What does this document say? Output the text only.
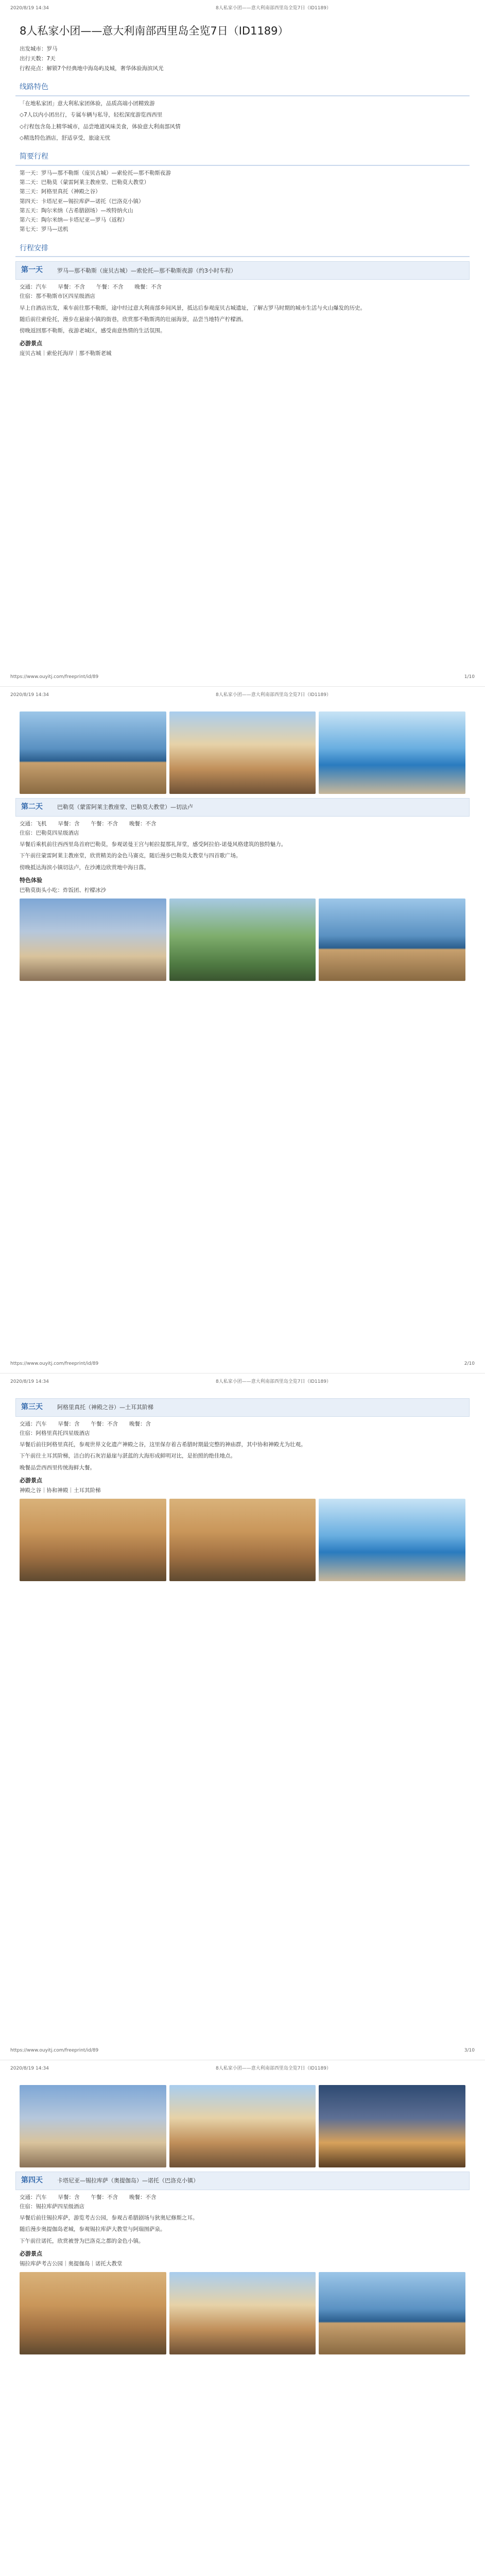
2020/8/19 14:34	8人私家小团——意大利南部西里岛全览7日（ID1189）
8人私家小团——意大利南部西里岛全览7日（ID1189）

出发城市：罗马

出行天数：7天

行程亮点：解锁7个经典地中海岛屿及城，奢华体验海滨风光

线路特色

「在地私家团」意大利私家团体验，品质高端小团精致游

◇7人以内小团出行，专属车辆与私导，轻松深度游览西西里

◇行程包含岛上精华城市，品尝地道风味美食，体验意大利南部风情

◇精选特色酒店，舒适享受，旅途无忧

简要行程

第一天：罗马—那不勒斯（庞贝古城）—索伦托—那不勒斯夜游

第二天：巴勒莫（蒙雷阿莱主教座堂、巴勒莫大教堂）

第三天：阿格里真托（神殿之谷）

第四天：卡塔尼亚—锡拉库萨—诺托（巴洛克小镇）

第五天：陶尔米纳（古希腊剧场）—埃特纳火山

第六天：陶尔米纳—卡塔尼亚—罗马（返程）

第七天：罗马—送机

行程安排
第一天	罗马—那不勒斯（庞贝古城）—索伦托—那不勒斯夜游（约3小时车程）
交通：汽车 早餐：不含 午餐：不含 晚餐：不含
住宿：那不勒斯市区四星级酒店

早上自酒店出发，乘车前往那不勒斯，途中经过意大利南部乡间风景，抵达后参观庞贝古城遗址，了解古罗马时期的城市生活与火山爆发的历史。

随后前往索伦托，漫步在悬崖小镇的街巷，欣赏那不勒斯湾的壮丽海景，品尝当地特产柠檬酒。

傍晚返回那不勒斯，夜游老城区，感受南意热情的生活氛围。

必游景点

庞贝古城｜索伦托海岸｜那不勒斯老城

https://www.ouyitj.com/freeprint/id/89	1/10
2020/8/19 14:34	8人私家小团——意大利南部西里岛全览7日（ID1189）
第二天	巴勒莫（蒙雷阿莱主教座堂、巴勒莫大教堂）—切法卢
交通：飞机 早餐：含 午餐：不含 晚餐：不含
住宿：巴勒莫四星级酒店

早餐后乘机前往西西里岛首府巴勒莫，参观诺曼王宫与帕拉提那礼拜堂，感受阿拉伯-诺曼风格建筑的独特魅力。

下午前往蒙雷阿莱主教座堂，欣赏精美的金色马赛克，随后漫步巴勒莫大教堂与四首歌广场。

傍晚抵达海滨小镇切法卢，在沙滩边欣赏地中海日落。

特色体验

巴勒莫街头小吃：炸饭团、柠檬冰沙

https://www.ouyitj.com/freeprint/id/89	2/10
2020/8/19 14:34	8人私家小团——意大利南部西里岛全览7日（ID1189）
第三天	阿格里真托（神殿之谷）—土耳其阶梯
交通：汽车 早餐：含 午餐：不含 晚餐：含
住宿：阿格里真托四星级酒店

早餐后前往阿格里真托，参观世界文化遗产神殿之谷，这里保存着古希腊时期最完整的神庙群，其中协和神殿尤为壮观。

下午前往土耳其阶梯，洁白的石灰岩悬崖与湛蓝的大海形成鲜明对比，是拍照的绝佳地点。

晚餐品尝西西里传统海鲜大餐。

必游景点

神殿之谷｜协和神殿｜土耳其阶梯

https://www.ouyitj.com/freeprint/id/89	3/10
2020/8/19 14:34	8人私家小团——意大利南部西里岛全览7日（ID1189）
第四天	卡塔尼亚—锡拉库萨（奥提伽岛）—诺托（巴洛克小镇）
交通：汽车 早餐：含 午餐：不含 晚餐：不含
住宿：锡拉库萨四星级酒店

早餐后前往锡拉库萨，游览考古公园，参观古希腊剧场与狄奥尼修斯之耳。

随后漫步奥提伽岛老城，参观锡拉库萨大教堂与阿瑞图萨泉。

下午前往诺托，欣赏被誉为巴洛克之都的金色小镇。

必游景点

锡拉库萨考古公园｜奥提伽岛｜诺托大教堂
